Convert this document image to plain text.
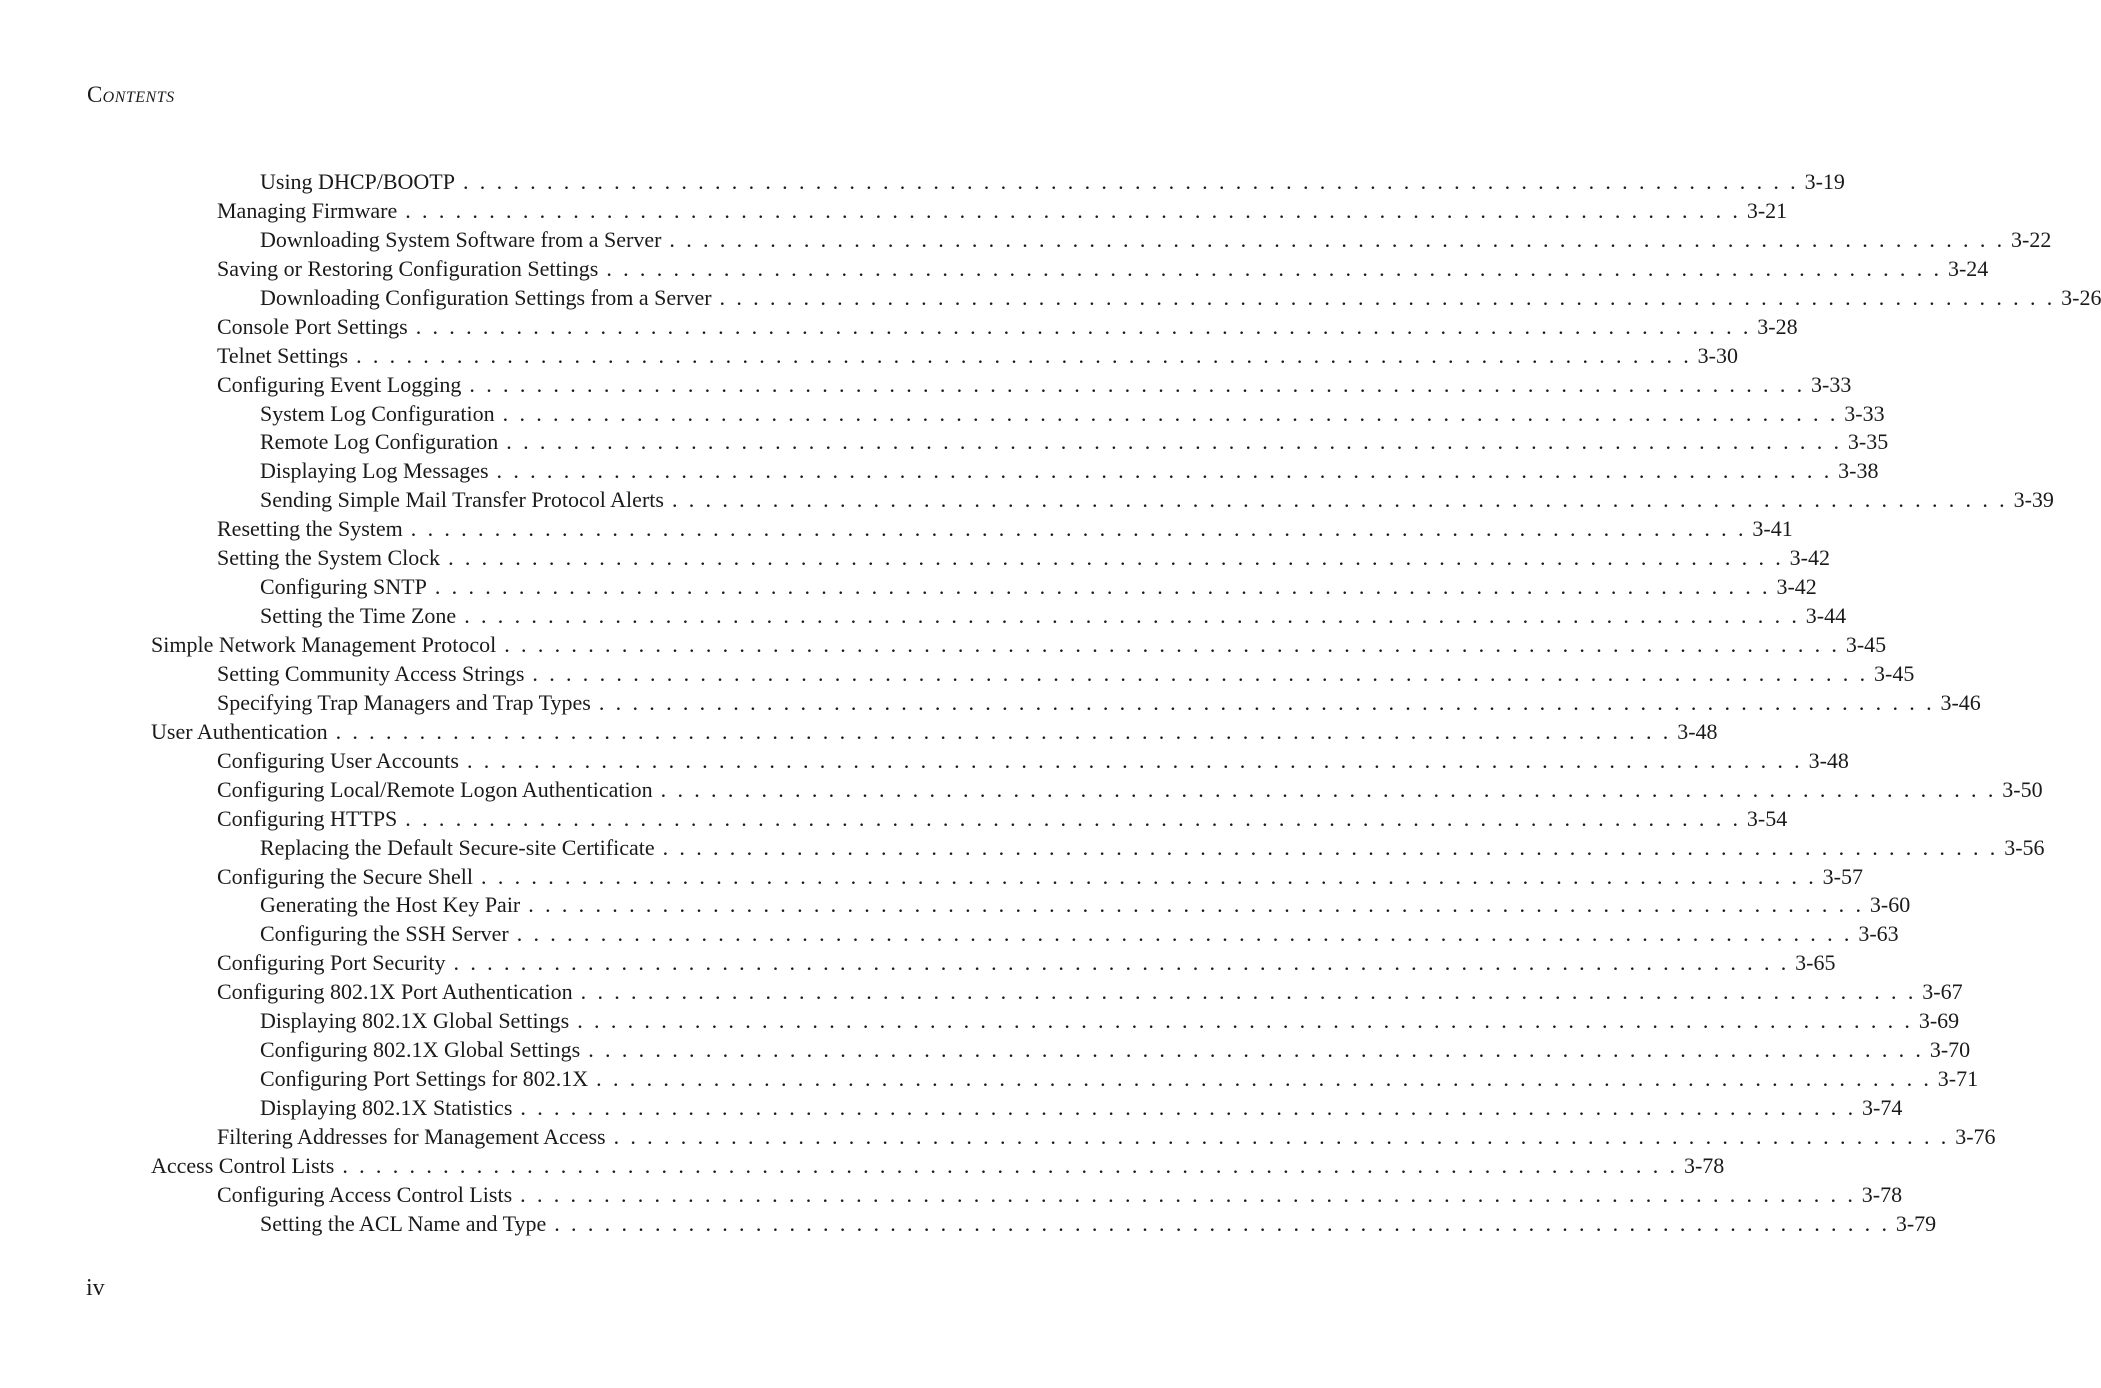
CONTENTS
Using DHCP/BOOTP . . . . . . . . . . . . . . . . . . . . . . . . . . . . . . . . . . . . . . . . . . . . . . . . . . . . . . . . . . . . . . . . . . . . . . . . . . . . . . . . 3-19
Managing Firmware . . . . . . . . . . . . . . . . . . . . . . . . . . . . . . . . . . . . . . . . . . . . . . . . . . . . . . . . . . . . . . . . . . . . . . . . . . . . . . . . 3-21
Downloading System Software from a Server . . . . . . . . . . . . . . . . . . . . . . . . . . . . . . . . . . . . . . . . . . . . . . . . . . . . . . . . . . . . . . . . . . . . . . . . . . . . . . . . 3-22
Saving or Restoring Configuration Settings . . . . . . . . . . . . . . . . . . . . . . . . . . . . . . . . . . . . . . . . . . . . . . . . . . . . . . . . . . . . . . . . . . . . . . . . . . . . . . . . 3-24
Downloading Configuration Settings from a Server . . . . . . . . . . . . . . . . . . . . . . . . . . . . . . . . . . . . . . . . . . . . . . . . . . . . . . . . . . . . . . . . . . . . . . . . . . . . . . . . 3-26
Console Port Settings . . . . . . . . . . . . . . . . . . . . . . . . . . . . . . . . . . . . . . . . . . . . . . . . . . . . . . . . . . . . . . . . . . . . . . . . . . . . . . . . 3-28
Telnet Settings . . . . . . . . . . . . . . . . . . . . . . . . . . . . . . . . . . . . . . . . . . . . . . . . . . . . . . . . . . . . . . . . . . . . . . . . . . . . . . . . 3-30
Configuring Event Logging . . . . . . . . . . . . . . . . . . . . . . . . . . . . . . . . . . . . . . . . . . . . . . . . . . . . . . . . . . . . . . . . . . . . . . . . . . . . . . . . 3-33
System Log Configuration . . . . . . . . . . . . . . . . . . . . . . . . . . . . . . . . . . . . . . . . . . . . . . . . . . . . . . . . . . . . . . . . . . . . . . . . . . . . . . . . 3-33
Remote Log Configuration . . . . . . . . . . . . . . . . . . . . . . . . . . . . . . . . . . . . . . . . . . . . . . . . . . . . . . . . . . . . . . . . . . . . . . . . . . . . . . . . 3-35
Displaying Log Messages . . . . . . . . . . . . . . . . . . . . . . . . . . . . . . . . . . . . . . . . . . . . . . . . . . . . . . . . . . . . . . . . . . . . . . . . . . . . . . . . 3-38
Sending Simple Mail Transfer Protocol Alerts . . . . . . . . . . . . . . . . . . . . . . . . . . . . . . . . . . . . . . . . . . . . . . . . . . . . . . . . . . . . . . . . . . . . . . . . . . . . . . . . 3-39
Resetting the System . . . . . . . . . . . . . . . . . . . . . . . . . . . . . . . . . . . . . . . . . . . . . . . . . . . . . . . . . . . . . . . . . . . . . . . . . . . . . . . . 3-41
Setting the System Clock . . . . . . . . . . . . . . . . . . . . . . . . . . . . . . . . . . . . . . . . . . . . . . . . . . . . . . . . . . . . . . . . . . . . . . . . . . . . . . . . 3-42
Configuring SNTP . . . . . . . . . . . . . . . . . . . . . . . . . . . . . . . . . . . . . . . . . . . . . . . . . . . . . . . . . . . . . . . . . . . . . . . . . . . . . . . . 3-42
Setting the Time Zone . . . . . . . . . . . . . . . . . . . . . . . . . . . . . . . . . . . . . . . . . . . . . . . . . . . . . . . . . . . . . . . . . . . . . . . . . . . . . . . . 3-44
Simple Network Management Protocol . . . . . . . . . . . . . . . . . . . . . . . . . . . . . . . . . . . . . . . . . . . . . . . . . . . . . . . . . . . . . . . . . . . . . . . . . . . . . . . . 3-45
Setting Community Access Strings . . . . . . . . . . . . . . . . . . . . . . . . . . . . . . . . . . . . . . . . . . . . . . . . . . . . . . . . . . . . . . . . . . . . . . . . . . . . . . . . 3-45
Specifying Trap Managers and Trap Types . . . . . . . . . . . . . . . . . . . . . . . . . . . . . . . . . . . . . . . . . . . . . . . . . . . . . . . . . . . . . . . . . . . . . . . . . . . . . . . . 3-46
User Authentication . . . . . . . . . . . . . . . . . . . . . . . . . . . . . . . . . . . . . . . . . . . . . . . . . . . . . . . . . . . . . . . . . . . . . . . . . . . . . . . . 3-48
Configuring User Accounts . . . . . . . . . . . . . . . . . . . . . . . . . . . . . . . . . . . . . . . . . . . . . . . . . . . . . . . . . . . . . . . . . . . . . . . . . . . . . . . . 3-48
Configuring Local/Remote Logon Authentication . . . . . . . . . . . . . . . . . . . . . . . . . . . . . . . . . . . . . . . . . . . . . . . . . . . . . . . . . . . . . . . . . . . . . . . . . . . . . . . . 3-50
Configuring HTTPS . . . . . . . . . . . . . . . . . . . . . . . . . . . . . . . . . . . . . . . . . . . . . . . . . . . . . . . . . . . . . . . . . . . . . . . . . . . . . . . . 3-54
Replacing the Default Secure-site Certificate . . . . . . . . . . . . . . . . . . . . . . . . . . . . . . . . . . . . . . . . . . . . . . . . . . . . . . . . . . . . . . . . . . . . . . . . . . . . . . . . 3-56
Configuring the Secure Shell . . . . . . . . . . . . . . . . . . . . . . . . . . . . . . . . . . . . . . . . . . . . . . . . . . . . . . . . . . . . . . . . . . . . . . . . . . . . . . . . 3-57
Generating the Host Key Pair . . . . . . . . . . . . . . . . . . . . . . . . . . . . . . . . . . . . . . . . . . . . . . . . . . . . . . . . . . . . . . . . . . . . . . . . . . . . . . . . 3-60
Configuring the SSH Server . . . . . . . . . . . . . . . . . . . . . . . . . . . . . . . . . . . . . . . . . . . . . . . . . . . . . . . . . . . . . . . . . . . . . . . . . . . . . . . . 3-63
Configuring Port Security . . . . . . . . . . . . . . . . . . . . . . . . . . . . . . . . . . . . . . . . . . . . . . . . . . . . . . . . . . . . . . . . . . . . . . . . . . . . . . . . 3-65
Configuring 802.1X Port Authentication . . . . . . . . . . . . . . . . . . . . . . . . . . . . . . . . . . . . . . . . . . . . . . . . . . . . . . . . . . . . . . . . . . . . . . . . . . . . . . . . 3-67
Displaying 802.1X Global Settings . . . . . . . . . . . . . . . . . . . . . . . . . . . . . . . . . . . . . . . . . . . . . . . . . . . . . . . . . . . . . . . . . . . . . . . . . . . . . . . . 3-69
Configuring 802.1X Global Settings . . . . . . . . . . . . . . . . . . . . . . . . . . . . . . . . . . . . . . . . . . . . . . . . . . . . . . . . . . . . . . . . . . . . . . . . . . . . . . . . 3-70
Configuring Port Settings for 802.1X . . . . . . . . . . . . . . . . . . . . . . . . . . . . . . . . . . . . . . . . . . . . . . . . . . . . . . . . . . . . . . . . . . . . . . . . . . . . . . . . 3-71
Displaying 802.1X Statistics . . . . . . . . . . . . . . . . . . . . . . . . . . . . . . . . . . . . . . . . . . . . . . . . . . . . . . . . . . . . . . . . . . . . . . . . . . . . . . . . 3-74
Filtering Addresses for Management Access . . . . . . . . . . . . . . . . . . . . . . . . . . . . . . . . . . . . . . . . . . . . . . . . . . . . . . . . . . . . . . . . . . . . . . . . . . . . . . . . 3-76
Access Control Lists . . . . . . . . . . . . . . . . . . . . . . . . . . . . . . . . . . . . . . . . . . . . . . . . . . . . . . . . . . . . . . . . . . . . . . . . . . . . . . . . 3-78
Configuring Access Control Lists . . . . . . . . . . . . . . . . . . . . . . . . . . . . . . . . . . . . . . . . . . . . . . . . . . . . . . . . . . . . . . . . . . . . . . . . . . . . . . . . 3-78
Setting the ACL Name and Type . . . . . . . . . . . . . . . . . . . . . . . . . . . . . . . . . . . . . . . . . . . . . . . . . . . . . . . . . . . . . . . . . . . . . . . . . . . . . . . . 3-79
iv
